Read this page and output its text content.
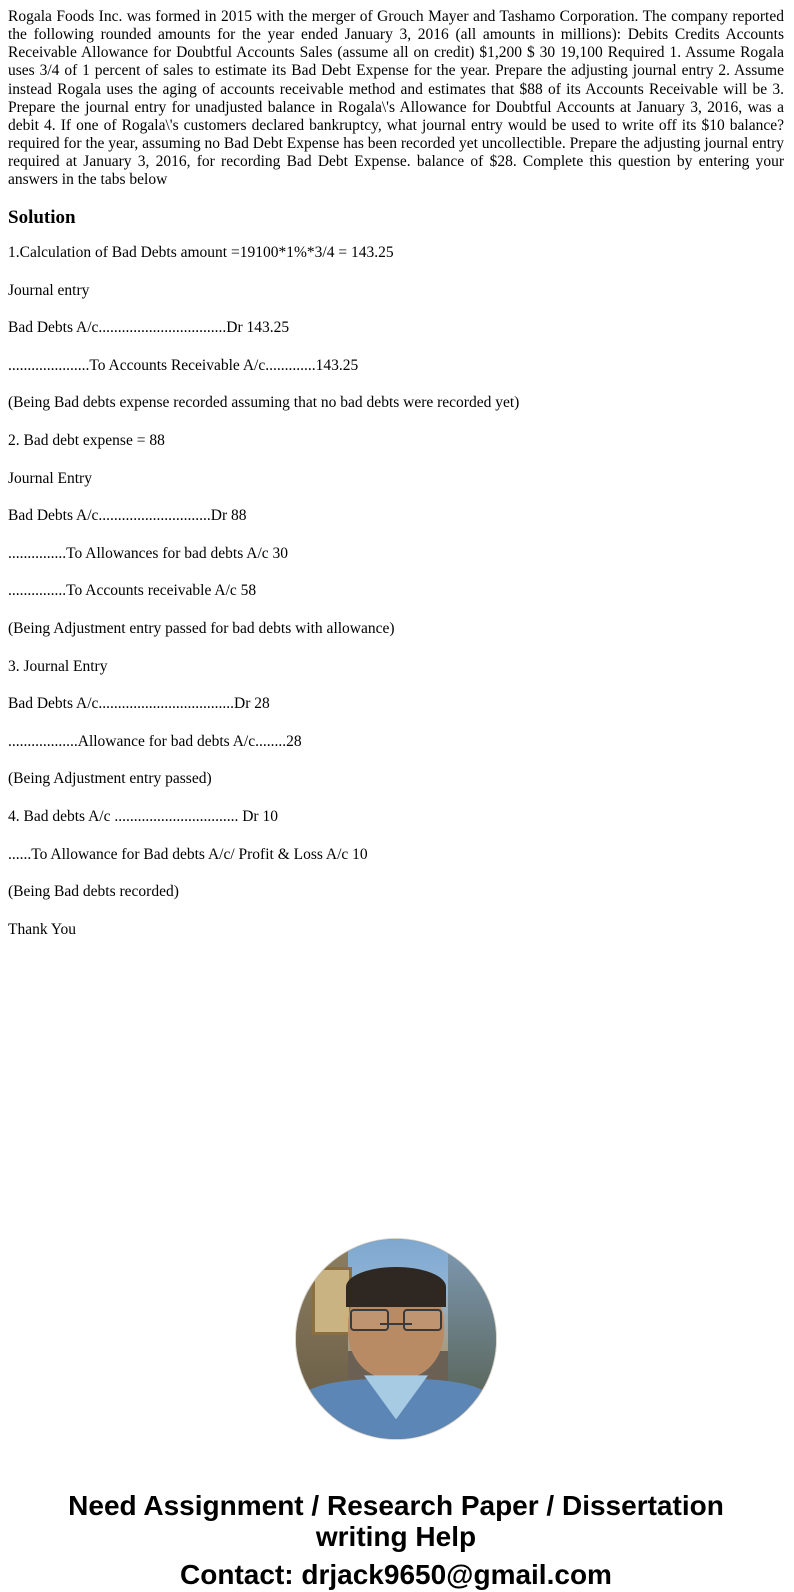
Rogala Foods Inc. was formed in 2015 with the merger of Grouch Mayer and Tashamo Corporation. The company reported the following rounded amounts for the year ended January 3, 2016 (all amounts in millions): Debits Credits Accounts Receivable Allowance for Doubtful Accounts Sales (assume all on credit) $1,200 $ 30 19,100 Required 1. Assume Rogala uses 3/4 of 1 percent of sales to estimate its Bad Debt Expense for the year. Prepare the adjusting journal entry 2. Assume instead Rogala uses the aging of accounts receivable method and estimates that $88 of its Accounts Receivable will be 3. Prepare the journal entry for unadjusted balance in Rogala\'s Allowance for Doubtful Accounts at January 3, 2016, was a debit 4. If one of Rogala\'s customers declared bankruptcy, what journal entry would be used to write off its $10 balance? required for the year, assuming no Bad Debt Expense has been recorded yet uncollectible. Prepare the adjusting journal entry required at January 3, 2016, for recording Bad Debt Expense. balance of $28. Complete this question by entering your answers in the tabs below

Solution

1.Calculation of Bad Debts amount =19100*1%*3/4 = 143.25

Journal entry

Bad Debts A/c.................................Dr 143.25

.....................To Accounts Receivable A/c.............143.25

(Being Bad debts expense recorded assuming that no bad debts were recorded yet)

2. Bad debt expense = 88

Journal Entry

Bad Debts A/c.............................Dr 88

...............To Allowances for bad debts A/c 30

...............To Accounts receivable A/c 58

(Being Adjustment entry passed for bad debts with allowance)

3. Journal Entry

Bad Debts A/c...................................Dr 28

..................Allowance for bad debts A/c........28

(Being Adjustment entry passed)

4. Bad debts A/c ................................ Dr 10

......To Allowance for Bad debts A/c/ Profit & Loss A/c 10

(Being Bad debts recorded)

Thank You

Need Assignment / Research Paper / Dissertation writing Help
Contact: drjack9650@gmail.com
